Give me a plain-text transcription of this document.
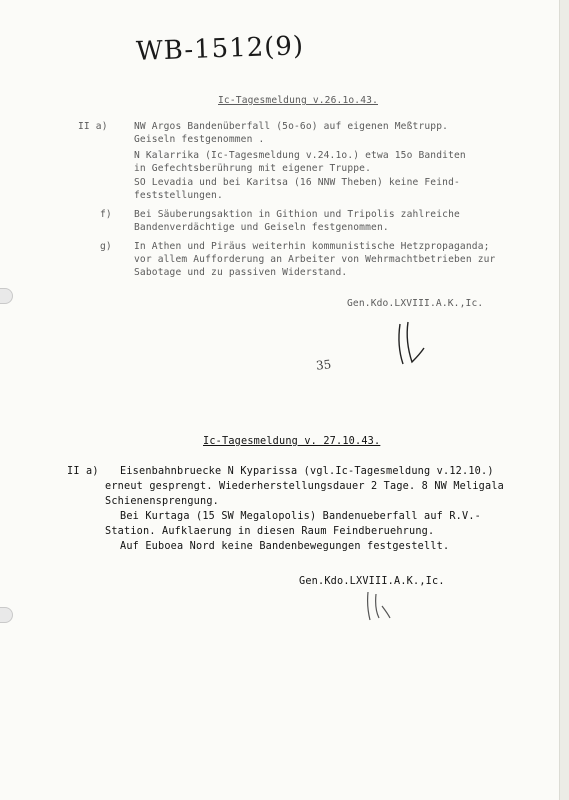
WB-1512(9)
Ic-Tagesmeldung v.26.1o.43.
II a)	NW Argos Bandenüberfall (5o-6o) auf eigenen Meßtrupp.
Geiseln festgenommen .
N Kalarrika (Ic-Tagesmeldung v.24.1o.) etwa 15o Banditen
in Gefechtsberührung mit eigener Truppe.
SO Levadia und bei Karitsa (16 NNW Theben) keine Feind-
feststellungen.
f) Bei Säuberungsaktion in Githion und Tripolis zahlreiche
Bandenverdächtige und Geiseln festgenommen.
g) In Athen und Piräus weiterhin kommunistische Hetzpropaganda;
vor allem Aufforderung an Arbeiter von Wehrmachtbetrieben zur
Sabotage und zu passiven Widerstand.
Gen.Kdo.LXVIII.A.K.,Ic.
35
Ic-Tagesmeldung v. 27.10.43.
II a) Eisenbahnbruecke N Kyparissa (vgl.Ic-Tagesmeldung v.12.10.)
erneut gesprengt. Wiederherstellungsdauer 2 Tage. 8 NW Meligala
Schienensprengung.
Bei Kurtaga (15 SW Megalopolis) Bandenueberfall auf R.V.-
Station. Aufklaerung in diesen Raum Feindberuehrung.
Auf Euboea Nord keine Bandenbewegungen festgestellt.
Gen.Kdo.LXVIII.A.K.,Ic.
